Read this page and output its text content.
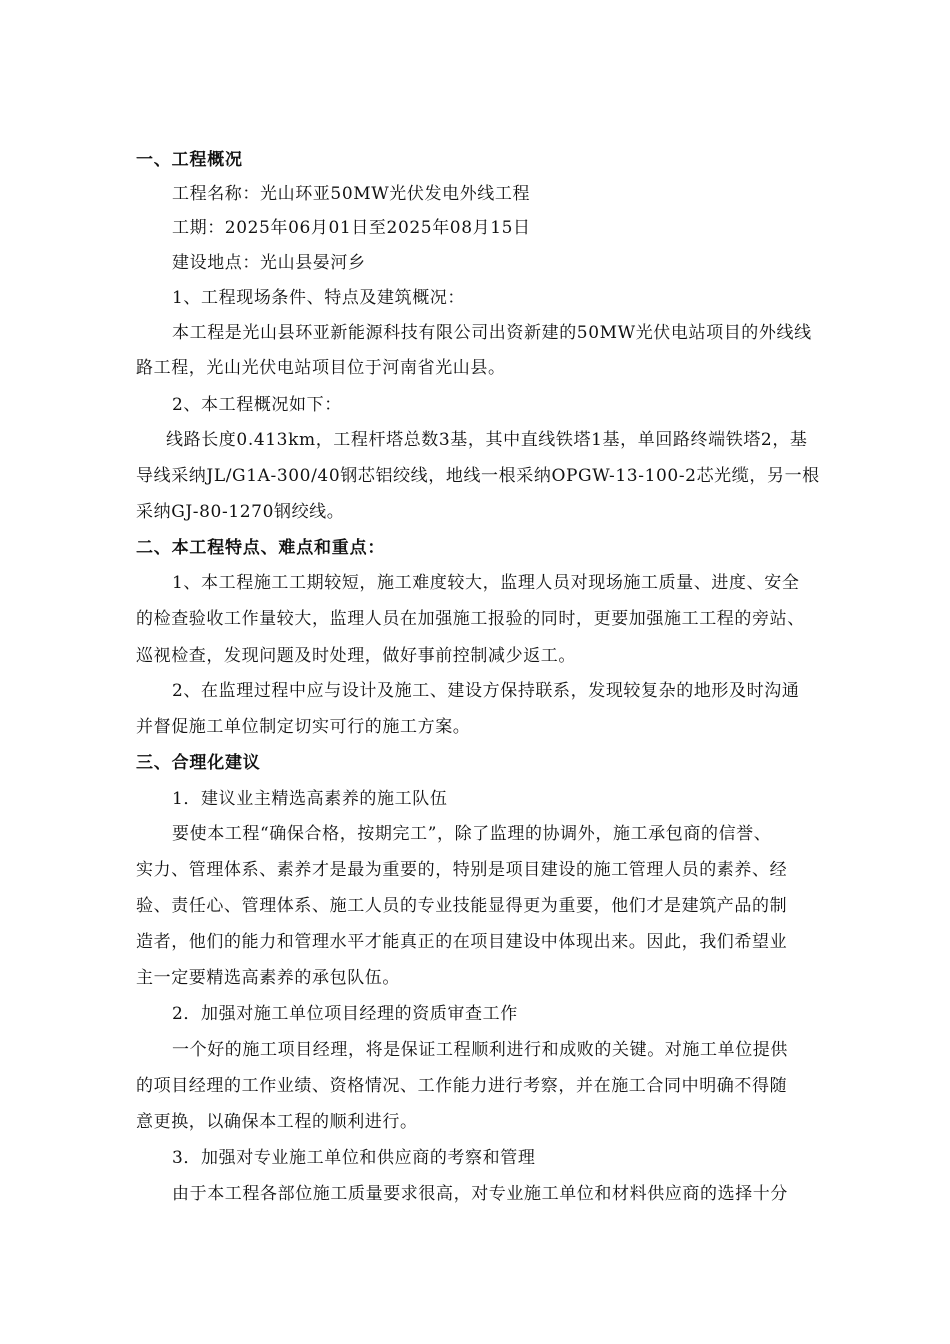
一、工程概况
工程名称：光山环亚50MW光伏发电外线工程
工期：2025年06月01日至2025年08月15日
建设地点：光山县晏河乡
1、工程现场条件、特点及建筑概况：
本工程是光山县环亚新能源科技有限公司出资新建的50MW光伏电站项目的外线线
路工程，光山光伏电站项目位于河南省光山县。
2、本工程概况如下：
线路长度0.413km，工程杆塔总数3基，其中直线铁塔1基，单回路终端铁塔2，基
导线采纳JL/G1A-300/40钢芯铝绞线，地线一根采纳OPGW-13-100-2芯光缆，另一根
采纳GJ-80-1270钢绞线。
二、本工程特点、难点和重点：
1、本工程施工工期较短，施工难度较大，监理人员对现场施工质量、进度、安全
的检查验收工作量较大，监理人员在加强施工报验的同时，更要加强施工工程的旁站、
巡视检查，发现问题及时处理，做好事前控制减少返工。
2、在监理过程中应与设计及施工、建设方保持联系，发现较复杂的地形及时沟通
并督促施工单位制定切实可行的施工方案。
三、合理化建议
1．建议业主精选高素养的施工队伍
要使本工程“确保合格，按期完工”，除了监理的协调外，施工承包商的信誉、
实力、管理体系、素养才是最为重要的，特别是项目建设的施工管理人员的素养、经
验、责任心、管理体系、施工人员的专业技能显得更为重要，他们才是建筑产品的制
造者，他们的能力和管理水平才能真正的在项目建设中体现出来。因此，我们希望业
主一定要精选高素养的承包队伍。
2．加强对施工单位项目经理的资质审查工作
一个好的施工项目经理，将是保证工程顺利进行和成败的关键。对施工单位提供
的项目经理的工作业绩、资格情况、工作能力进行考察，并在施工合同中明确不得随
意更换，以确保本工程的顺利进行。
3．加强对专业施工单位和供应商的考察和管理
由于本工程各部位施工质量要求很高，对专业施工单位和材料供应商的选择十分
